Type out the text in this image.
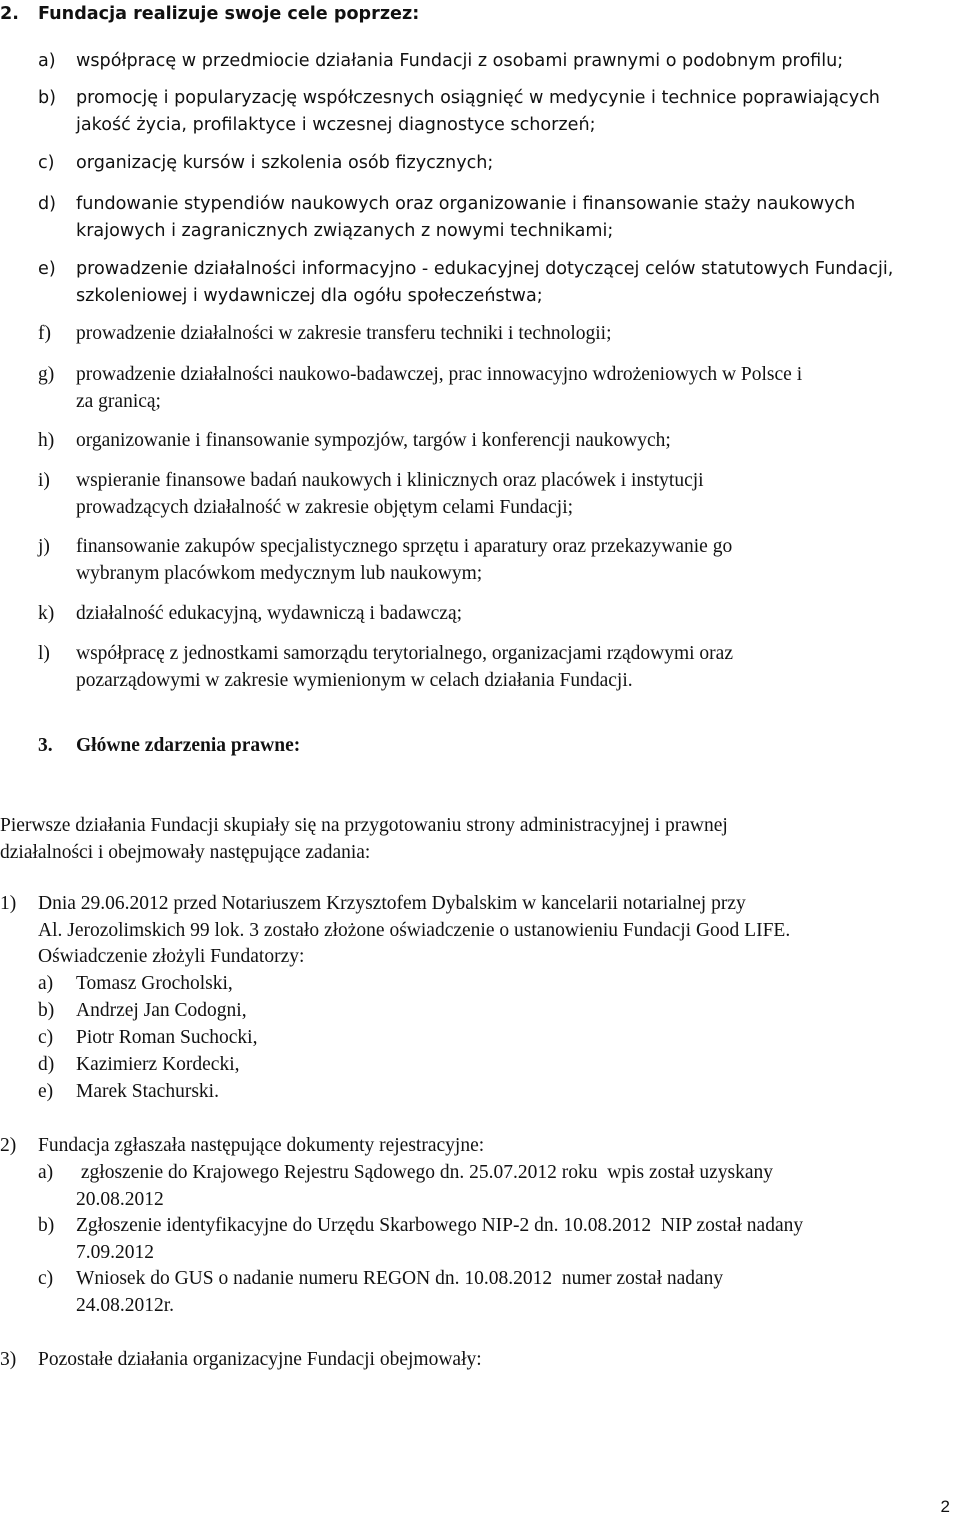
2.	Fundacja realizuje swoje cele poprzez:
a)	współpracę w przedmiocie działania Fundacji z osobami prawnymi o podobnym profilu;
b)	promocję i popularyzację współczesnych osiągnięć w medycynie i technice poprawiających
jakość życia, profilaktyce i wczesnej diagnostyce schorzeń;
c)	organizację kursów i szkolenia osób fizycznych;
d)	fundowanie stypendiów naukowych oraz organizowanie i finansowanie staży naukowych
krajowych i zagranicznych związanych z nowymi technikami;
e)	prowadzenie działalności informacyjno - edukacyjnej dotyczącej celów statutowych Fundacji,
szkoleniowej i wydawniczej dla ogółu społeczeństwa;
f)	prowadzenie działalności w zakresie transferu techniki i technologii;
g)	prowadzenie działalności naukowo-badawczej, prac innowacyjno wdrożeniowych w Polsce i
za granicą;
h)	organizowanie i finansowanie sympozjów, targów i konferencji naukowych;
i)	wspieranie finansowe badań naukowych i klinicznych oraz placówek i instytucji
prowadzących działalność w zakresie objętym celami Fundacji;
j)	finansowanie zakupów specjalistycznego sprzętu i aparatury oraz przekazywanie go
wybranym placówkom medycznym lub naukowym;
k)	działalność edukacyjną, wydawniczą i badawczą;
l)	współpracę z jednostkami samorządu terytorialnego, organizacjami rządowymi oraz
pozarządowymi w zakresie wymienionym w celach działania Fundacji.
3.	Główne zdarzenia prawne:
Pierwsze działania Fundacji skupiały się na przygotowaniu strony administracyjnej i prawnej
działalności i obejmowały następujące zadania:
1)	Dnia 29.06.2012 przed Notariuszem Krzysztofem Dybalskim w kancelarii notarialnej przy
Al. Jerozolimskich 99 lok. 3 zostało złożone oświadczenie o ustanowieniu Fundacji Good LIFE.
Oświadczenie złożyli Fundatorzy:
a)	Tomasz Grocholski,
b)	Andrzej Jan Codogni,
c)	Piotr Roman Suchocki,
d)	Kazimierz Kordecki,
e)	Marek Stachurski.
2)	Fundacja zgłaszała następujące dokumenty rejestracyjne:
a)	zgłoszenie do Krajowego Rejestru Sądowego dn. 25.07.2012 roku  wpis został uzyskany
20.08.2012
b)	Zgłoszenie identyfikacyjne do Urzędu Skarbowego NIP-2 dn. 10.08.2012  NIP został nadany
7.09.2012
c)	Wniosek do GUS o nadanie numeru REGON dn. 10.08.2012  numer został nadany
24.08.2012r.
3)	Pozostałe działania organizacyjne Fundacji obejmowały:
2
